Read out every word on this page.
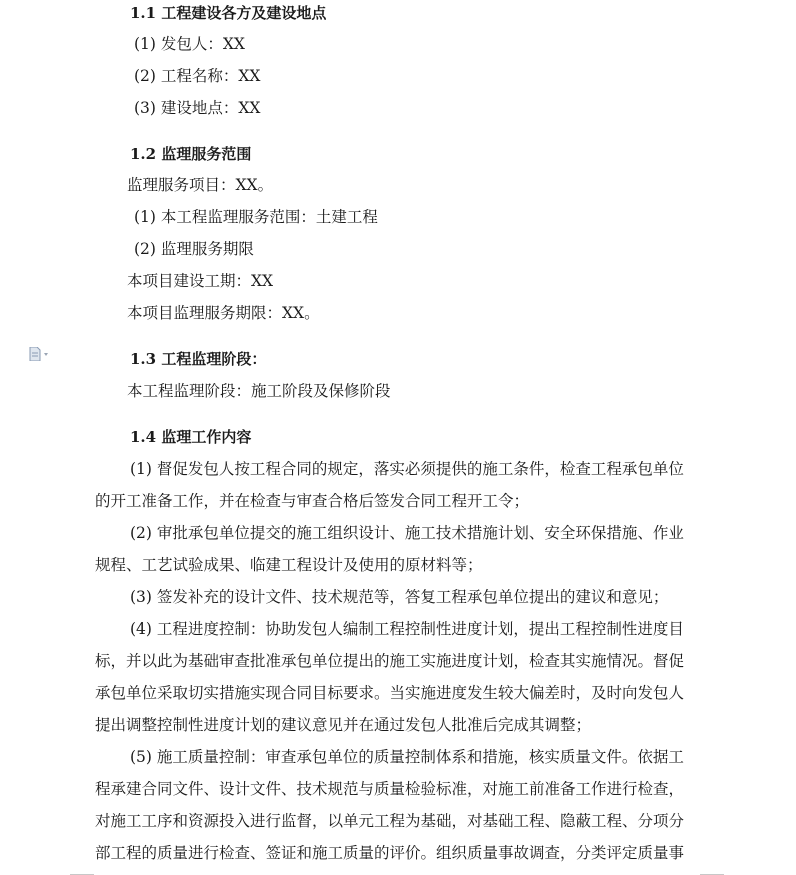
1.1 工程建设各方及建设地点
(1) 发包人：XX
(2) 工程名称：XX
(3) 建设地点：XX
1.2 监理服务范围
监理服务项目：XX。
(1) 本工程监理服务范围：土建工程
(2) 监理服务期限
本项目建设工期：XX
本项目监理服务期限：XX。
1.3 工程监理阶段：
本工程监理阶段：施工阶段及保修阶段
1.4 监理工作内容
(1) 督促发包人按工程合同的规定，落实必须提供的施工条件，检查工程承包单位
的开工准备工作，并在检查与审查合格后签发合同工程开工令；
(2) 审批承包单位提交的施工组织设计、施工技术措施计划、安全环保措施、作业
规程、工艺试验成果、临建工程设计及使用的原材料等；
(3) 签发补充的设计文件、技术规范等，答复工程承包单位提出的建议和意见；
(4) 工程进度控制：协助发包人编制工程控制性进度计划，提出工程控制性进度目
标，并以此为基础审查批准承包单位提出的施工实施进度计划，检查其实施情况。督促
承包单位采取切实措施实现合同目标要求。当实施进度发生较大偏差时，及时向发包人
提出调整控制性进度计划的建议意见并在通过发包人批准后完成其调整；
(5) 施工质量控制：审查承包单位的质量控制体系和措施，核实质量文件。依据工
程承建合同文件、设计文件、技术规范与质量检验标准，对施工前准备工作进行检查，
对施工工序和资源投入进行监督，以单元工程为基础，对基础工程、隐蔽工程、分项分
部工程的质量进行检查、签证和施工质量的评价。组织质量事故调查，分类评定质量事
